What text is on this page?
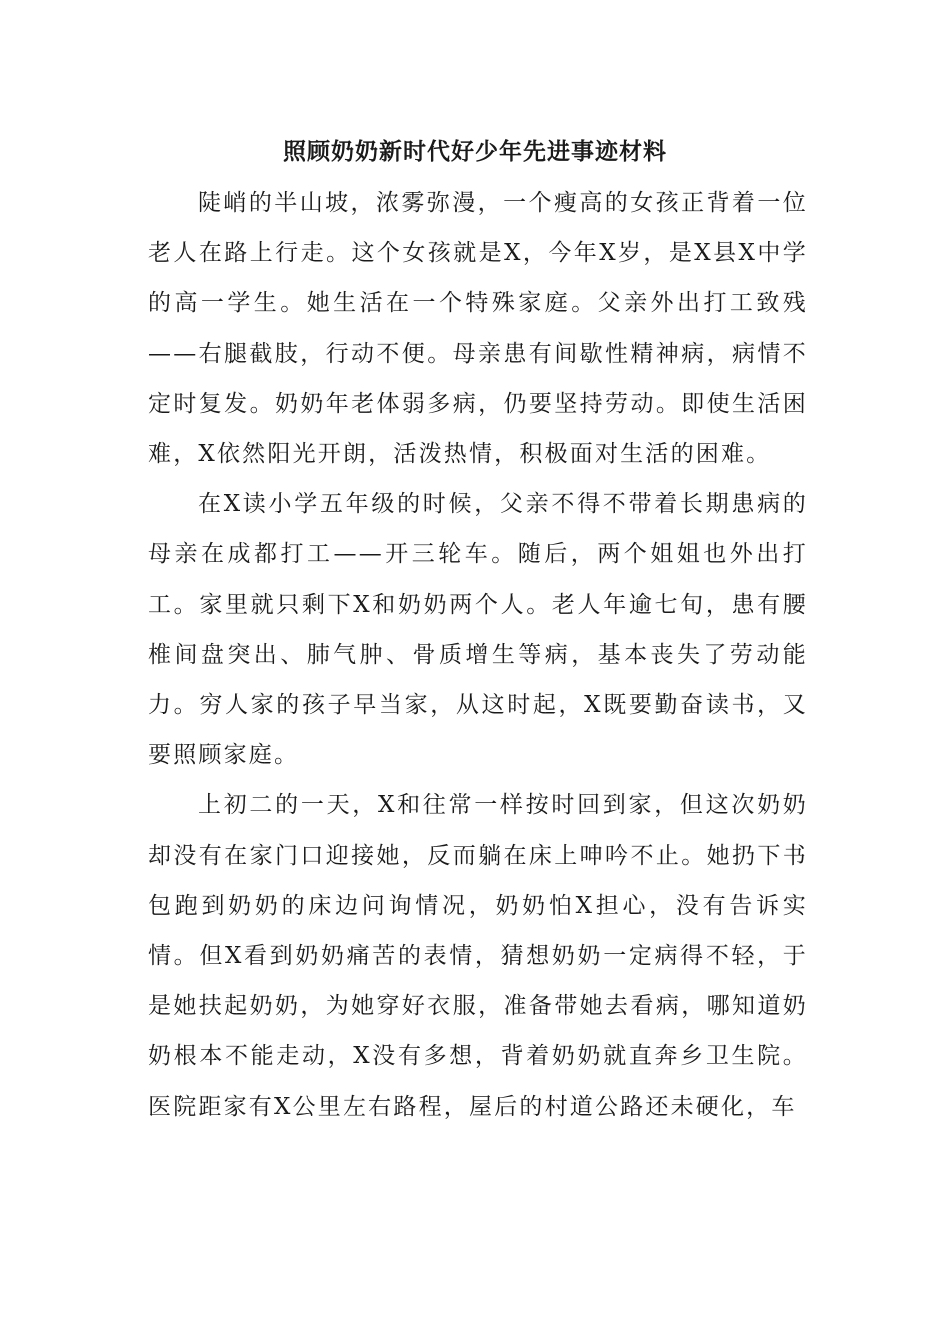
照顾奶奶新时代好少年先进事迹材料

陡峭的半山坡，浓雾弥漫，一个瘦高的女孩正背着一位老人在路上行走。这个女孩就是X，今年X岁，是X县X中学的高一学生。她生活在一个特殊家庭。父亲外出打工致残——右腿截肢，行动不便。母亲患有间歇性精神病，病情不定时复发。奶奶年老体弱多病，仍要坚持劳动。即使生活困难，X依然阳光开朗，活泼热情，积极面对生活的困难。

在X读小学五年级的时候，父亲不得不带着长期患病的母亲在成都打工——开三轮车。随后，两个姐姐也外出打工。家里就只剩下X和奶奶两个人。老人年逾七旬，患有腰椎间盘突出、肺气肿、骨质增生等病，基本丧失了劳动能力。穷人家的孩子早当家，从这时起，X既要勤奋读书，又要照顾家庭。

上初二的一天，X和往常一样按时回到家，但这次奶奶却没有在家门口迎接她，反而躺在床上呻吟不止。她扔下书包跑到奶奶的床边问询情况，奶奶怕X担心，没有告诉实情。但X看到奶奶痛苦的表情，猜想奶奶一定病得不轻，于是她扶起奶奶，为她穿好衣服，准备带她去看病，哪知道奶奶根本不能走动，X没有多想，背着奶奶就直奔乡卫生院。医院距家有X公里左右路程，屋后的村道公路还未硬化，车
